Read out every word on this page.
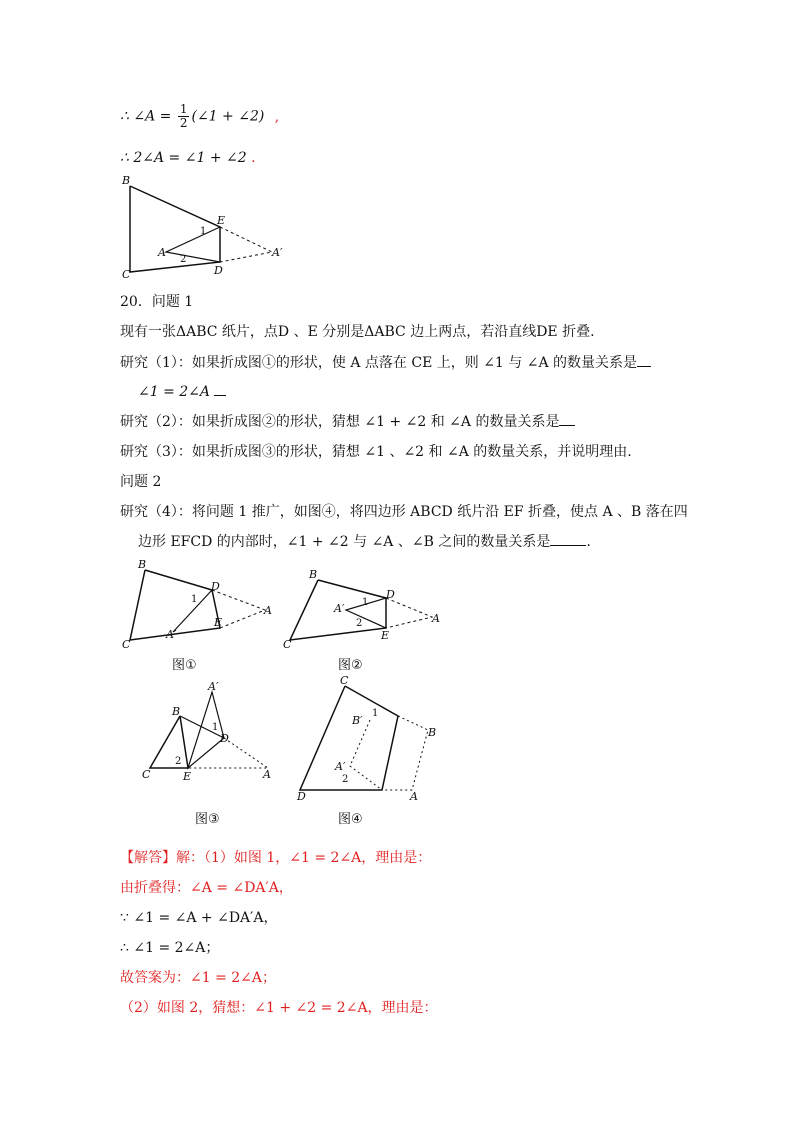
∴ ∠A = $\frac{1}{2}$ (∠1 + ∠2) ,
∴ 2∠A = ∠1 + ∠2 .
B
E
A	A′
C	D
1
2
20．问题 1
现有一张ΔABC 纸片，点D 、E 分别是ΔABC 边上两点，若沿直线DE 折叠.
研究（1）：如果折成图①的形状，使 A 点落在 CE 上，则 ∠1 与 ∠A 的数量关系是
∠1 = 2∠A
研究（2）：如果折成图②的形状，猜想 ∠1 + ∠2 和 ∠A 的数量关系是
研究（3）：如果折成图③的形状，猜想 ∠1 、∠2 和 ∠A 的数量关系，并说明理由.
问题 2
研究（4）：将问题 1 推广，如图④，将四边形 ABCD 纸片沿 EF 折叠，使点 A 、B 落在四
边形 EFCD 的内部时，∠1 + ∠2 与 ∠A 、∠B 之间的数量关系是	.
B
D
1
A
A′
E
C
B
D
A′ 1
2	A
E
C
A′
B
1
D
2
C	E	A
C
B′
1
B
A′
2
D	A
图①	图②
图③	图④
【解答】解：（1）如图 1，∠1 = 2∠A，理由是：
由折叠得：∠A = ∠DA′A，
∵ ∠1 = ∠A + ∠DA′A，
∴ ∠1 = 2∠A；
故答案为：∠1 = 2∠A；
（2）如图 2，猜想：∠1 + ∠2 = 2∠A，理由是：
